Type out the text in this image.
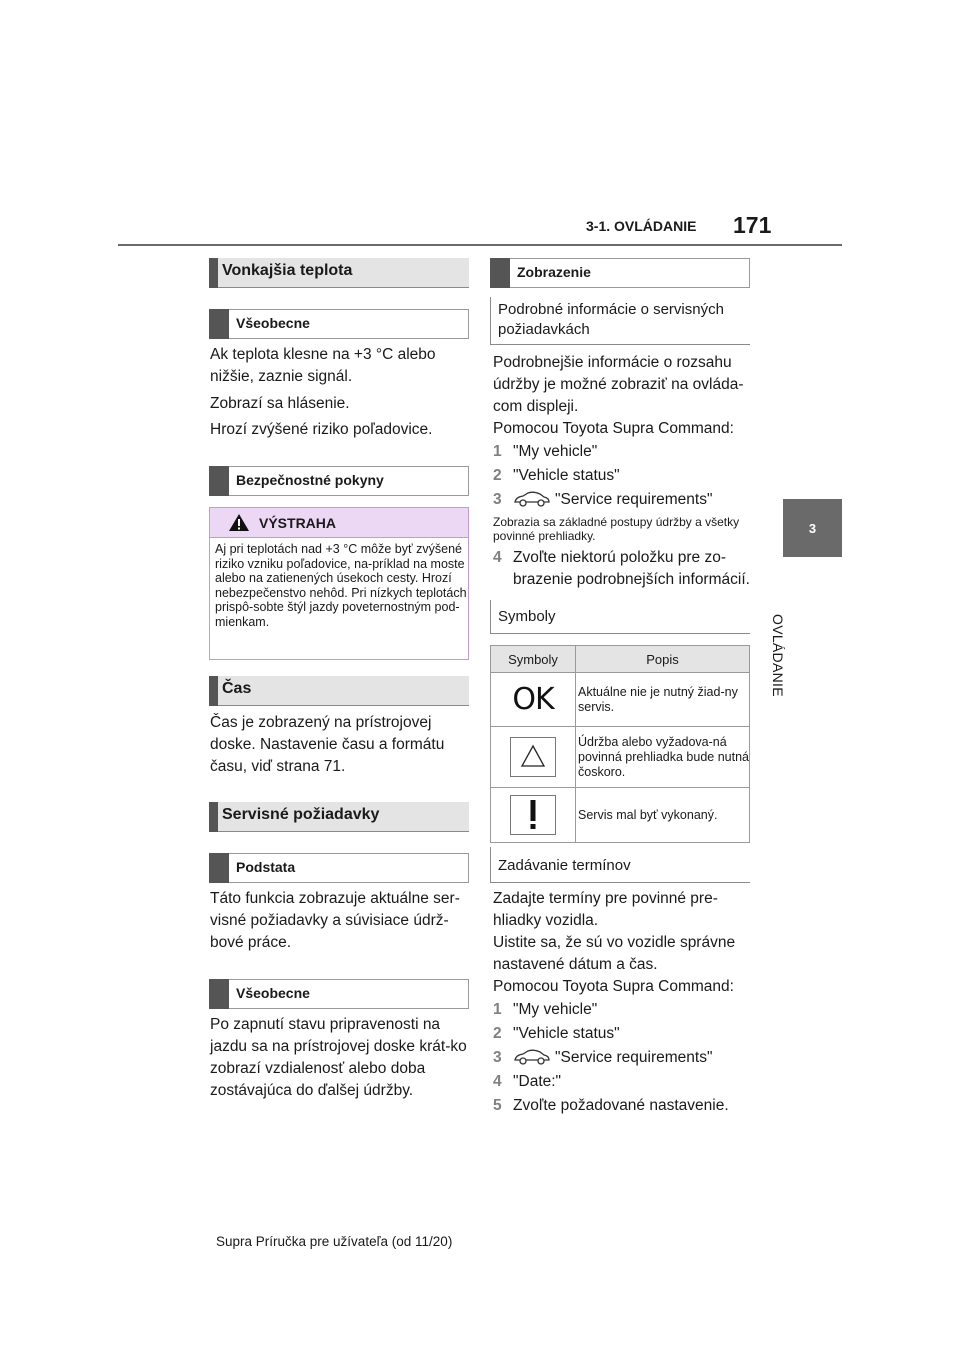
3-1. OVLÁDANIE 171
3
OVLÁDANIE
Vonkajšia teplota
Všeobecne

Ak teplota klesne na +3 °C alebo nižšie, zaznie signál.

Zobrazí sa hlásenie.

Hrozí zvýšené riziko poľadovice.

Bezpečnostné pokyny
VÝSTRAHA
Aj pri teplotách nad +3 °C môže byť zvýšené riziko vzniku poľadovice, na-príklad na moste alebo na zatienených úsekoch cesty. Hrozí nebezpečenstvo nehôd. Pri nízkych teplotách prispô-sobte štýl jazdy poveternostným pod-mienkam.
Čas

Čas je zobrazený na prístrojovej doske. Nastavenie času a formátu času, viď strana 71.

Servisné požiadavky
Podstata

Táto funkcia zobrazuje aktuálne ser-visné požiadavky a súvisiace údrž-bové práce.

Všeobecne

Po zapnutí stavu pripravenosti na jazdu sa na prístrojovej doske krát-ko zobrazí vzdialenosť alebo doba zostávajúca do ďalšej údržby.

Zobrazenie
Podrobné informácie o servisných požiadavkách

Podrobnejšie informácie o rozsahu údržby je možné zobraziť na ovláda-com displeji.

Pomocou Toyota Supra Command:

1 "My vehicle"
2 "Vehicle status"
3	"Service requirements"
Zobrazia sa základné postupy údržby a všetky povinné prehliadky.
4 Zvoľte niektorú položku pre zo-brazenie podrobnejších informácií.
Symboly
Symboly	Popis
OK	Aktuálne nie je nutný žiad-ny servis.

	Údržba alebo vyžadova-ná povinná prehliadka bude nutná čoskoro.

	Servis mal byť vykonaný.
Zadávanie termínov

Zadajte termíny pre povinné pre-hliadky vozidla.

Uistite sa, že sú vo vozidle správne nastavené dátum a čas.

Pomocou Toyota Supra Command:

1 "My vehicle"
2 "Vehicle status"
3	"Service requirements"
4 "Date:"
5 Zvoľte požadované nastavenie.
Supra Príručka pre užívateľa (od 11/20)
